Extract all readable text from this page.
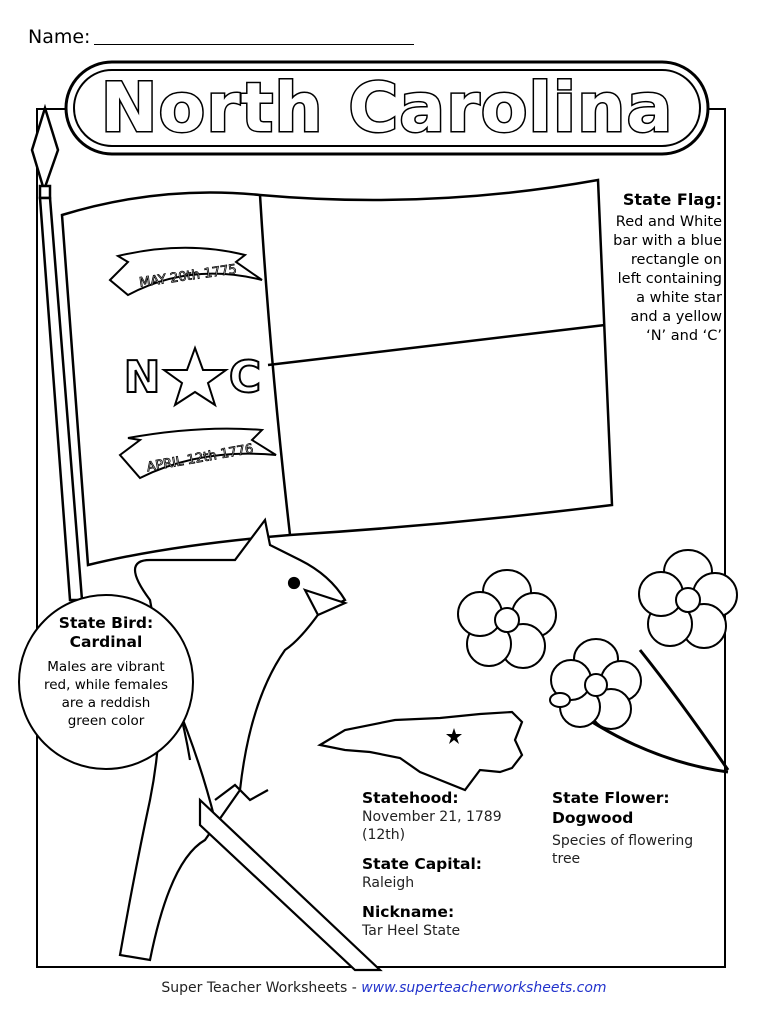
Name:
MAY 20th 1775
N C
APRIL 12th 1776
North Carolina
State Flag:

Red and White
bar with a blue
rectangle on
left containing
a white star
and a yellow
‘N’ and ‘C’

State Bird:
Cardinal

Males are vibrant
red, while females
are a reddish
green color

Statehood:

November 21, 1789
(12th)

State Capital:

Raleigh

Nickname:

Tar Heel State

State Flower:
Dogwood

Species of flowering
tree

Super Teacher Worksheets - www.superteacherworksheets.com
